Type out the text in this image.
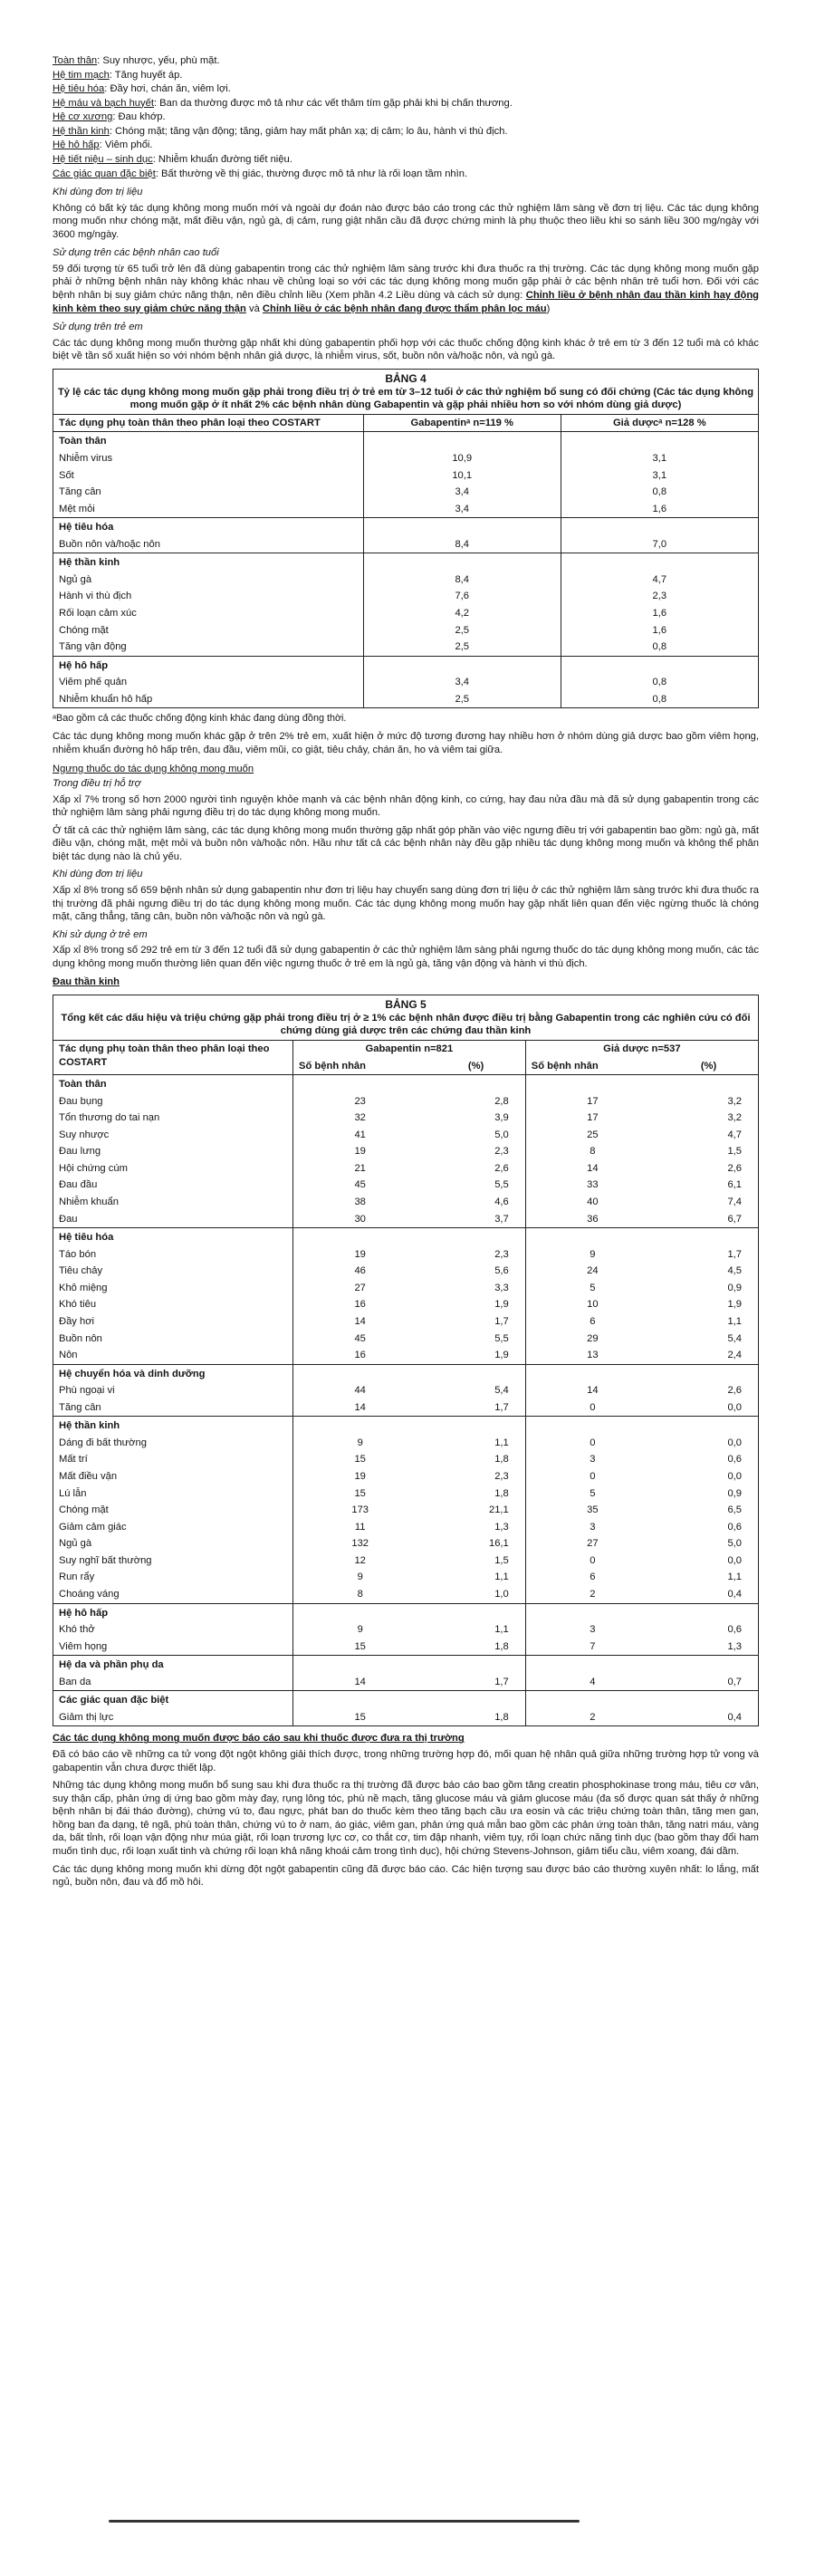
Toàn thân: Suy nhược, yếu, phù mặt.
Hệ tim mạch: Tăng huyết áp.
Hệ tiêu hóa: Đầy hơi, chán ăn, viêm lợi.
Hệ máu và bạch huyết: Ban da thường được mô tả như các vết thâm tím gặp phải khi bị chấn thương.
Hệ cơ xương: Đau khớp.
Hệ thần kinh: Chóng mặt; tăng vận động; tăng, giảm hay mất phản xạ; dị cảm; lo âu, hành vi thù địch.
Hệ hô hấp: Viêm phổi.
Hệ tiết niệu – sinh dục: Nhiễm khuẩn đường tiết niệu.
Các giác quan đặc biệt: Bất thường về thị giác, thường được mô tả như là rối loạn tầm nhìn.
Khi dùng đơn trị liệu
Không có bất kỳ tác dụng không mong muốn mới và ngoài dự đoán nào được báo cáo trong các thử nghiệm lâm sàng về đơn trị liệu. Các tác dụng không mong muốn như chóng mặt, mất điều vận, ngủ gà, dị cảm, rung giật nhãn cầu đã được chứng minh là phụ thuộc theo liều khi so sánh liều 300 mg/ngày với 3600 mg/ngày.
Sử dụng trên các bệnh nhân cao tuổi
59 đối tượng từ 65 tuổi trở lên đã dùng gabapentin trong các thử nghiệm lâm sàng trước khi đưa thuốc ra thị trường. Các tác dụng không mong muốn gặp phải ở những bệnh nhân này không khác nhau về chủng loại so với các tác dụng không mong muốn gặp phải ở các bệnh nhân trẻ tuổi hơn. Đối với các bệnh nhân bị suy giảm chức năng thận, nên điều chỉnh liều (Xem phần 4.2 Liều dùng và cách sử dụng: Chỉnh liều ở bệnh nhân đau thần kinh hay động kinh kèm theo suy giảm chức năng thận và Chỉnh liều ở các bệnh nhân đang được thẩm phân lọc máu)
Sử dụng trên trẻ em
Các tác dụng không mong muốn thường gặp nhất khi dùng gabapentin phối hợp với các thuốc chống động kinh khác ở trẻ em từ 3 đến 12 tuổi mà có khác biệt về tần số xuất hiện so với nhóm bệnh nhân giả dược, là nhiễm virus, sốt, buồn nôn và/hoặc nôn, và ngủ gà.
BẢNG 4
Tỷ lệ các tác dụng không mong muốn gặp phải trong điều trị ở trẻ em từ 3–12 tuổi ở các thử nghiệm bổ sung có đối chứng (Các tác dụng không mong muốn gặp ở ít nhất 2% các bệnh nhân dùng Gabapentin và gặp phải nhiều hơn so với nhóm dùng giả dược)
Tác dụng phụ toàn thân theo phân loại theo COSTART	Gabapentinᵃ n=119 %	Giả dượcᵃ n=128 %
Toàn thân		
Nhiễm virus	10,9	3,1
Sốt	10,1	3,1
Tăng cân	3,4	0,8
Mệt mỏi	3,4	1,6
Hệ tiêu hóa		
Buồn nôn và/hoặc nôn	8,4	7,0
Hệ thần kinh		
Ngủ gà	8,4	4,7
Hành vi thù địch	7,6	2,3
Rối loạn cảm xúc	4,2	1,6
Chóng mặt	2,5	1,6
Tăng vận động	2,5	0,8
Hệ hô hấp		
Viêm phế quản	3,4	0,8
Nhiễm khuẩn hô hấp	2,5	0,8
ᵃBao gồm cả các thuốc chống động kinh khác đang dùng đồng thời.
Các tác dụng không mong muốn khác gặp ở trên 2% trẻ em, xuất hiện ở mức độ tương đương hay nhiều hơn ở nhóm dùng giả dược bao gồm viêm họng, nhiễm khuẩn đường hô hấp trên, đau đầu, viêm mũi, co giật, tiêu chảy, chán ăn, ho và viêm tai giữa.
Ngưng thuốc do tác dụng không mong muốn
Trong điều trị hỗ trợ
Xấp xỉ 7% trong số hơn 2000 người tình nguyện khỏe mạnh và các bệnh nhân động kinh, co cứng, hay đau nửa đầu mà đã sử dụng gabapentin trong các thử nghiệm lâm sàng phải ngưng điều trị do tác dụng không mong muốn.
Ở tất cả các thử nghiệm lâm sàng, các tác dụng không mong muốn thường gặp nhất góp phần vào việc ngưng điều trị với gabapentin bao gồm: ngủ gà, mất điều vận, chóng mặt, mệt mỏi và buồn nôn và/hoặc nôn. Hầu như tất cả các bệnh nhân này đều gặp nhiều tác dụng không mong muốn và không thể phân biệt tác dụng nào là chủ yếu.
Khi dùng đơn trị liệu
Xấp xỉ 8% trong số 659 bệnh nhân sử dụng gabapentin như đơn trị liệu hay chuyển sang dùng đơn trị liệu ở các thử nghiệm lâm sàng trước khi đưa thuốc ra thị trường đã phải ngưng điều trị do tác dụng không mong muốn. Các tác dụng không mong muốn hay gặp nhất liên quan đến việc ngừng thuốc là chóng mặt, căng thẳng, tăng cân, buồn nôn và/hoặc nôn và ngủ gà.
Khi sử dụng ở trẻ em
Xấp xỉ 8% trong số 292 trẻ em từ 3 đến 12 tuổi đã sử dụng gabapentin ở các thử nghiệm lâm sàng phải ngưng thuốc do tác dụng không mong muốn, các tác dụng không mong muốn thường liên quan đến việc ngưng thuốc ở trẻ em là ngủ gà, tăng vận động và hành vi thù địch.
Đau thần kinh
BẢNG 5
Tổng kết các dấu hiệu và triệu chứng gặp phải trong điều trị ở ≥ 1% các bệnh nhân được điều trị bằng Gabapentin trong các nghiên cứu có đối chứng dùng giả dược trên các chứng đau thần kinh
Tác dụng phụ toàn thân theo phân loại theo COSTART	Gabapentin n=821		Giả dược n=537	
	Số bệnh nhân	(%)	Số bệnh nhân	(%)
Toàn thân				
Đau bụng	23	2,8	17	3,2
Tổn thương do tai nạn	32	3,9	17	3,2
Suy nhược	41	5,0	25	4,7
Đau lưng	19	2,3	8	1,5
Hội chứng cúm	21	2,6	14	2,6
Đau đầu	45	5,5	33	6,1
Nhiễm khuẩn	38	4,6	40	7,4
Đau	30	3,7	36	6,7
Hệ tiêu hóa				
Táo bón	19	2,3	9	1,7
Tiêu chảy	46	5,6	24	4,5
Khô miệng	27	3,3	5	0,9
Khó tiêu	16	1,9	10	1,9
Đầy hơi	14	1,7	6	1,1
Buồn nôn	45	5,5	29	5,4
Nôn	16	1,9	13	2,4
Hệ chuyển hóa và dinh dưỡng				
Phù ngoại vi	44	5,4	14	2,6
Tăng cân	14	1,7	0	0,0
Hệ thần kinh				
Dáng đi bất thường	9	1,1	0	0,0
Mất trí	15	1,8	3	0,6
Mất điều vận	19	2,3	0	0,0
Lú lẫn	15	1,8	5	0,9
Chóng mặt	173	21,1	35	6,5
Giảm cảm giác	11	1,3	3	0,6
Ngủ gà	132	16,1	27	5,0
Suy nghĩ bất thường	12	1,5	0	0,0
Run rẩy	9	1,1	6	1,1
Choáng váng	8	1,0	2	0,4
Hệ hô hấp				
Khó thở	9	1,1	3	0,6
Viêm họng	15	1,8	7	1,3
Hệ da và phần phụ da				
Ban da	14	1,7	4	0,7
Các giác quan đặc biệt				
Giảm thị lực	15	1,8	2	0,4
Các tác dụng không mong muốn được báo cáo sau khi thuốc được đưa ra thị trường
Đã có báo cáo về những ca tử vong đột ngột không giải thích được, trong những trường hợp đó, mối quan hệ nhân quả giữa những trường hợp tử vong và gabapentin vẫn chưa được thiết lập.
Những tác dụng không mong muốn bổ sung sau khi đưa thuốc ra thị trường đã được báo cáo bao gồm tăng creatin phosphokinase trong máu, tiêu cơ vân, suy thận cấp, phản ứng dị ứng bao gồm mày đay, rụng lông tóc, phù nề mạch, tăng glucose máu và giảm glucose máu (đa số được quan sát thấy ở những bệnh nhân bị đái tháo đường), chứng vú to, đau ngực, phát ban do thuốc kèm theo tăng bạch cầu ưa eosin và các triệu chứng toàn thân, tăng men gan, hồng ban đa dạng, tê ngã, phù toàn thân, chứng vú to ở nam, áo giác, viêm gan, phản ứng quá mẫn bao gồm các phản ứng toàn thân, tăng natri máu, vàng da, bất tỉnh, rối loạn vận động như múa giật, rối loạn trương lực cơ, co thắt cơ, tim đập nhanh, viêm tụy, rối loạn chức năng tình dục (bao gồm thay đổi ham muốn tình dục, rối loạn xuất tinh và chứng rối loạn khả năng khoái cảm trong tình dục), hội chứng Stevens-Johnson, giảm tiểu cầu, viêm xoang, đái dầm.
Các tác dụng không mong muốn khi dừng đột ngột gabapentin cũng đã được báo cáo. Các hiện tượng sau được báo cáo thường xuyên nhất: lo lắng, mất ngủ, buồn nôn, đau và đổ mồ hôi.
